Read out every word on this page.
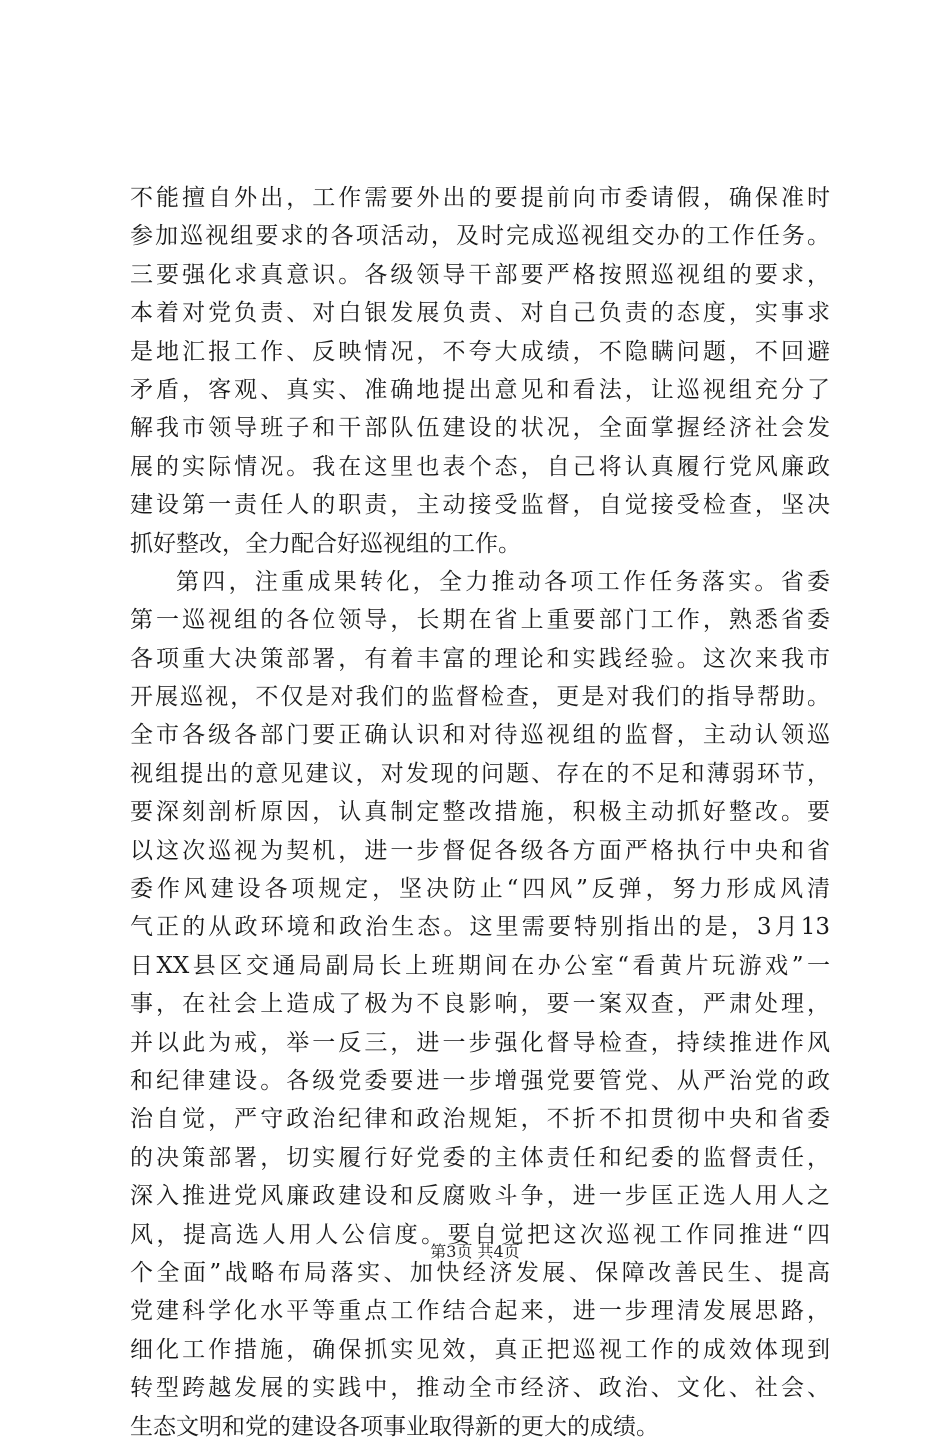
不能擅自外出，工作需要外出的要提前向市委请假，确保准时
参加巡视组要求的各项活动，及时完成巡视组交办的工作任务。
三要强化求真意识。各级领导干部要严格按照巡视组的要求，
本着对党负责、对白银发展负责、对自己负责的态度，实事求
是地汇报工作、反映情况，不夸大成绩，不隐瞒问题，不回避
矛盾，客观、真实、准确地提出意见和看法，让巡视组充分了
解我市领导班子和干部队伍建设的状况，全面掌握经济社会发
展的实际情况。我在这里也表个态，自己将认真履行党风廉政
建设第一责任人的职责，主动接受监督，自觉接受检查，坚决
抓好整改，全力配合好巡视组的工作。
第四，注重成果转化，全力推动各项工作任务落实。省委
第一巡视组的各位领导，长期在省上重要部门工作，熟悉省委
各项重大决策部署，有着丰富的理论和实践经验。这次来我市
开展巡视，不仅是对我们的监督检查，更是对我们的指导帮助。
全市各级各部门要正确认识和对待巡视组的监督，主动认领巡
视组提出的意见建议，对发现的问题、存在的不足和薄弱环节，
要深刻剖析原因，认真制定整改措施，积极主动抓好整改。要
以这次巡视为契机，进一步督促各级各方面严格执行中央和省
委作风建设各项规定，坚决防止“四风”反弹，努力形成风清
气正的从政环境和政治生态。这里需要特别指出的是，3月13
日XX县区交通局副局长上班期间在办公室“看黄片玩游戏”一
事，在社会上造成了极为不良影响，要一案双查，严肃处理，
并以此为戒，举一反三，进一步强化督导检查，持续推进作风
和纪律建设。各级党委要进一步增强党要管党、从严治党的政
治自觉，严守政治纪律和政治规矩，不折不扣贯彻中央和省委
的决策部署，切实履行好党委的主体责任和纪委的监督责任，
深入推进党风廉政建设和反腐败斗争，进一步匡正选人用人之
风，提高选人用人公信度。要自觉把这次巡视工作同推进“四
个全面”战略布局落实、加快经济发展、保障改善民生、提高
党建科学化水平等重点工作结合起来，进一步理清发展思路，
细化工作措施，确保抓实见效，真正把巡视工作的成效体现到
转型跨越发展的实践中，推动全市经济、政治、文化、社会、
生态文明和党的建设各项事业取得新的更大的成绩。
第3页 共4页
